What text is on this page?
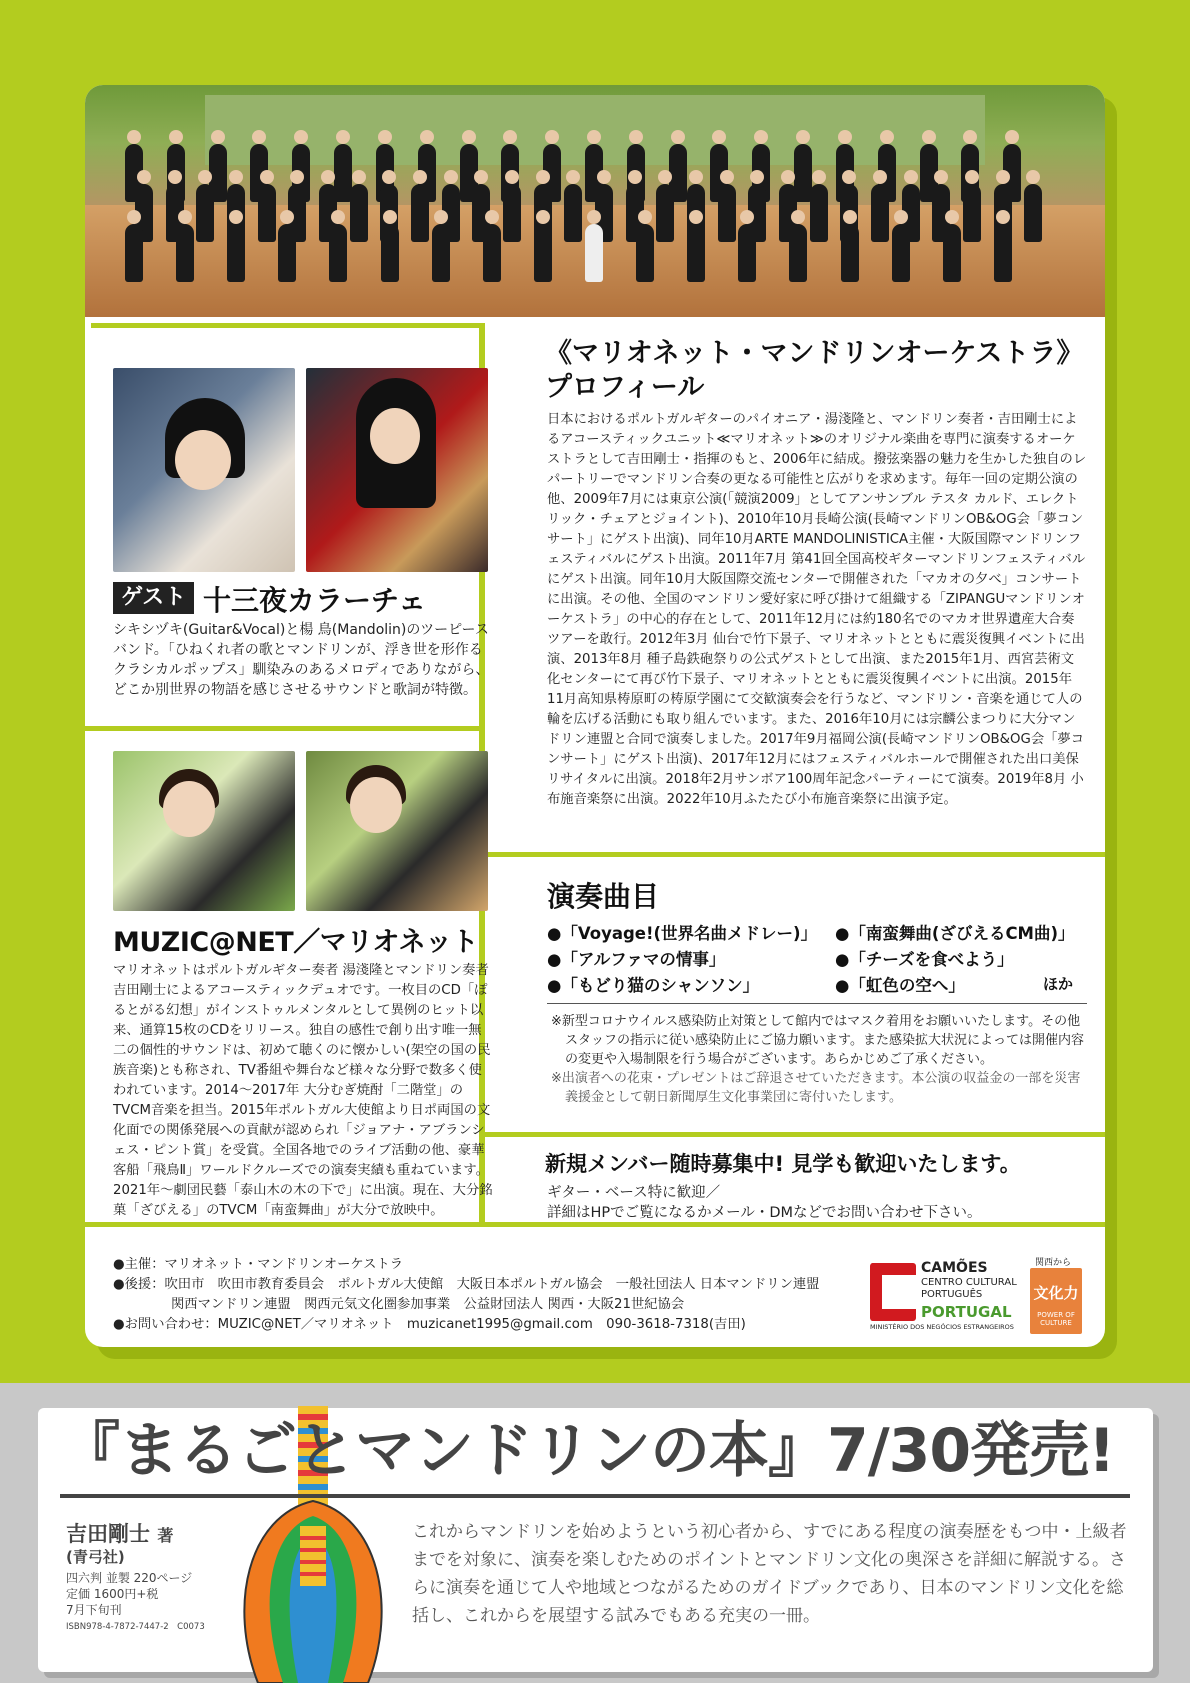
ゲスト 十三夜カラーチェ
シキシヅキ(Guitar&Vocal)と楊 鳥(Mandolin)のツーピースバンド。「ひねくれ者の歌とマンドリンが、浮き世を形作るクラシカルポップス」馴染みのあるメロディでありながら、どこか別世界の物語を感じさせるサウンドと歌詞が特徴。
MUZIC@NET／マリオネット
マリオネットはポルトガルギター奏者 湯淺隆とマンドリン奏者吉田剛士によるアコースティックデュオです。一枚目のCD「ぽるとがる幻想」がインストゥルメンタルとして異例のヒット以来、通算15枚のCDをリリース。独自の感性で創り出す唯一無二の個性的サウンドは、初めて聴くのに懐かしい(架空の国の民族音楽)とも称され、TV番組や舞台など様々な分野で数多く使われています。2014～2017年 大分むぎ焼酎「二階堂」のTVCM音楽を担当。2015年ポルトガル大使館より日ポ両国の文化面での関係発展への貢献が認められ「ジョアナ・アブランシェス・ピント賞」を受賞。全国各地でのライブ活動の他、豪華客船「飛鳥Ⅱ」ワールドクルーズでの演奏実績も重ねています。2021年～劇団民藝「泰山木の木の下で」に出演。現在、大分銘菓「ざびえる」のTVCM「南蛮舞曲」が大分で放映中。
《マリオネット・マンドリンオーケストラ》プロフィール
日本におけるポルトガルギターのパイオニア・湯淺隆と、マンドリン奏者・吉田剛士によるアコースティックユニット≪マリオネット≫のオリジナル楽曲を専門に演奏するオーケストラとして吉田剛士・指揮のもと、2006年に結成。撥弦楽器の魅力を生かした独自のレパートリーでマンドリン合奏の更なる可能性と広がりを求めます。毎年一回の定期公演の他、2009年7月には東京公演(「競演2009」としてアンサンブル テスタ カルド、エレクトリック・チェアとジョイント)、2010年10月長崎公演(長崎マンドリンOB&OG会「夢コンサート」にゲスト出演)、同年10月ARTE MANDOLINISTICA主催・大阪国際マンドリンフェスティバルにゲスト出演。2011年7月 第41回全国高校ギターマンドリンフェスティバルにゲスト出演。同年10月大阪国際交流センターで開催された「マカオの夕べ」コンサートに出演。その他、全国のマンドリン愛好家に呼び掛けて組織する「ZIPANGUマンドリンオーケストラ」の中心的存在として、2011年12月には約180名でのマカオ世界遺産大合奏ツアーを敢行。2012年3月 仙台で竹下景子、マリオネットとともに震災復興イベントに出演、2013年8月 種子島鉄砲祭りの公式ゲストとして出演、また2015年1月、西宮芸術文化センターにて再び竹下景子、マリオネットとともに震災復興イベントに出演。2015年11月高知県梼原町の梼原学園にて交歓演奏会を行うなど、マンドリン・音楽を通じて人の輪を広げる活動にも取り組んでいます。また、2016年10月には宗麟公まつりに大分マンドリン連盟と合同で演奏しました。2017年9月福岡公演(長崎マンドリンOB&OG会「夢コンサート」にゲスト出演)、2017年12月にはフェスティバルホールで開催された出口美保リサイタルに出演。2018年2月サンボア100周年記念パーティーにて演奏。2019年8月 小布施音楽祭に出演。2022年10月ふたたび小布施音楽祭に出演予定。
演奏曲目
●「Voyage!(世界名曲メドレー)」 ●「南蛮舞曲(ざびえるCM曲)」
●「アルファマの情事」	●「チーズを食べよう」
●「もどり猫のシャンソン」	●「虹色の空へ」	ほか
※新型コロナウイルス感染防止対策として館内ではマスク着用をお願いいたします。その他スタッフの指示に従い感染防止にご協力願います。また感染拡大状況によっては開催内容の変更や入場制限を行う場合がございます。あらかじめご了承ください。
※出演者への花束・プレゼントはご辞退させていただきます。本公演の収益金の一部を災害義援金として朝日新聞厚生文化事業団に寄付いたします。
新規メンバー随時募集中! 見学も歓迎いたします。
ギター・ベース特に歓迎／
詳細はHPでご覧になるかメール・DMなどでお問い合わせ下さい。
●主催：マリオネット・マンドリンオーケストラ
●後援：吹田市　吹田市教育委員会　ポルトガル大使館　大阪日本ポルトガル協会　一般社団法人 日本マンドリン連盟
関西マンドリン連盟　関西元気文化圏参加事業　公益財団法人 関西・大阪21世紀協会
●お問い合わせ：MUZIC@NET／マリオネット　muzicanet1995@gmail.com　090-3618-7318(吉田)
CAMÕES
CENTRO CULTURAL
PORTUGUÊS
PORTUGAL
MINISTÉRIO DOS NEGÓCIOS ESTRANGEIROS
関西から
文化力
POWER OF
CULTURE
『まるごとマンドリンの本』7/30発売!
吉田剛士 著
(青弓社)
四六判 並製 220ページ
定価 1600円+税
7月下旬刊
ISBN978-4-7872-7447-2　C0073
これからマンドリンを始めようという初心者から、すでにある程度の演奏歴をもつ中・上級者までを対象に、演奏を楽しむためのポイントとマンドリン文化の奥深さを詳細に解説する。さらに演奏を通じて人や地域とつながるためのガイドブックであり、日本のマンドリン文化を総括し、これからを展望する試みでもある充実の一冊。
